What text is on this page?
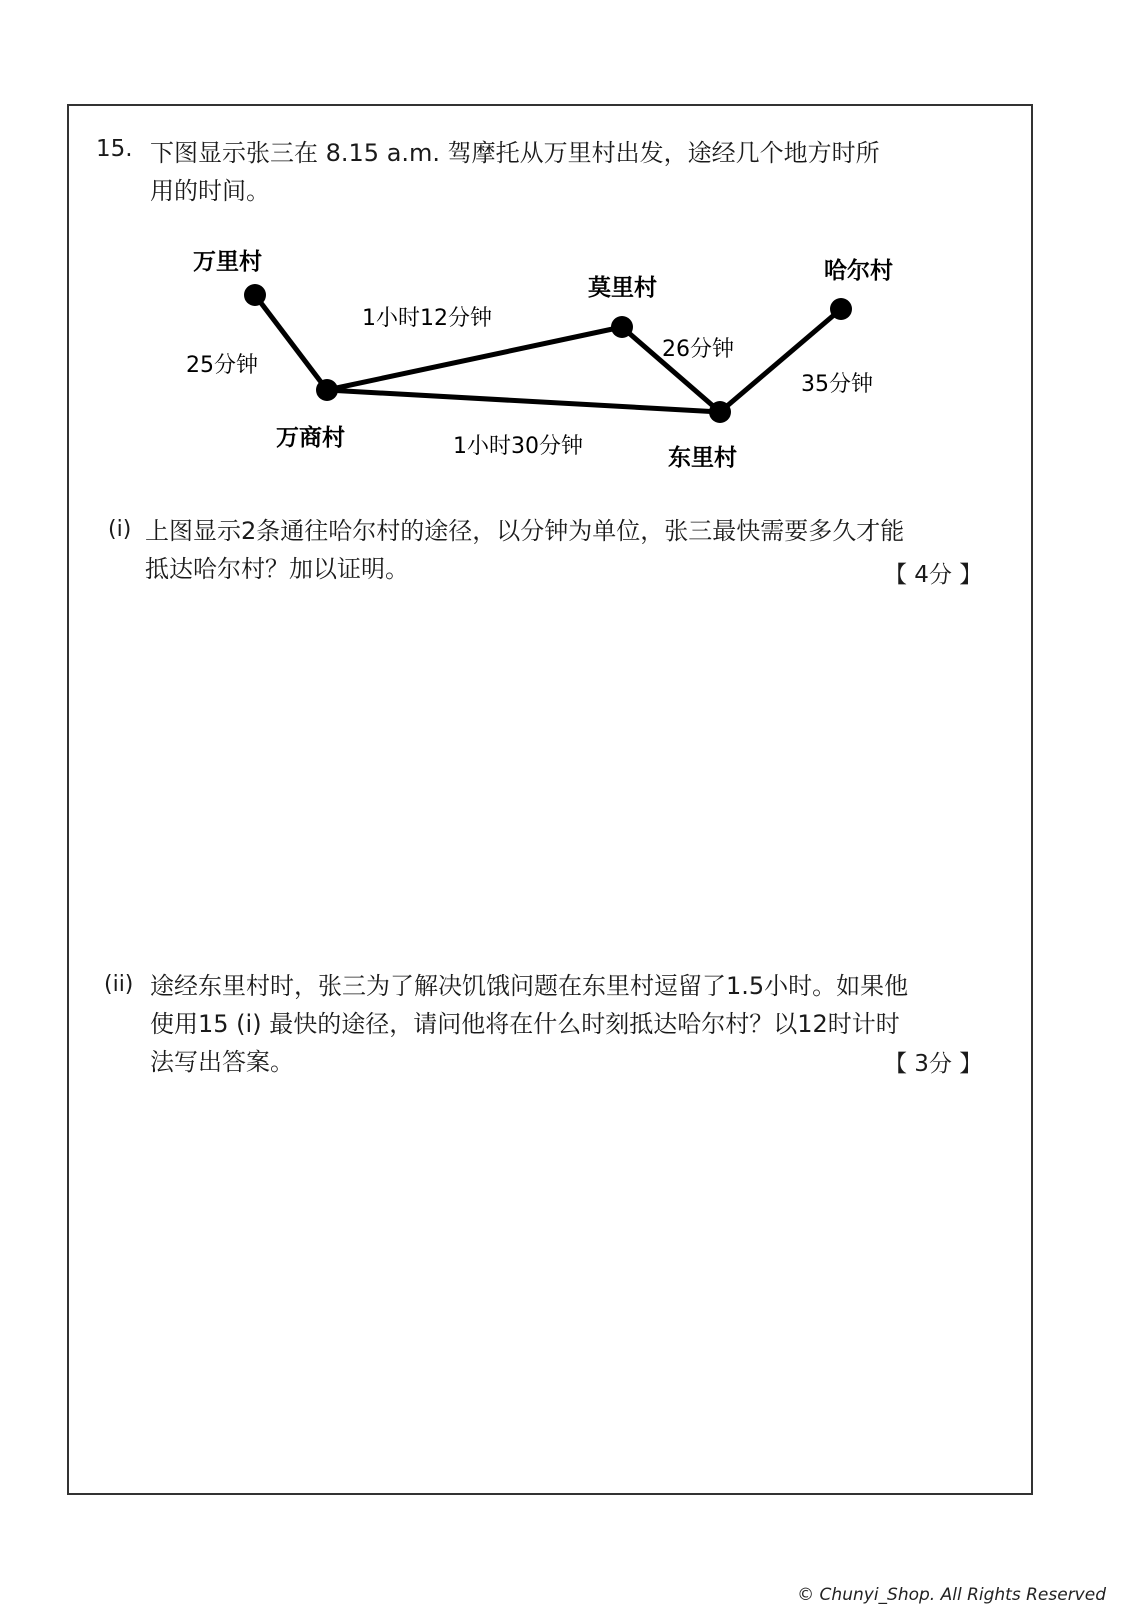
15. 下图显示张三在 8.15 a.m. 驾摩托从万里村出发，途经几个地方时所
用的时间。
万里村
万商村
莫里村
东里村
哈尔村
25分钟
1小时12分钟
1小时30分钟
26分钟
35分钟
(i) 上图显示2条通往哈尔村的途径，以分钟为单位，张三最快需要多久才能
抵达哈尔村？加以证明。	【 4分 】
(ii) 途经东里村时，张三为了解决饥饿问题在东里村逗留了1.5小时。如果他
使用15 (i) 最快的途径，请问他将在什么时刻抵达哈尔村？以12时计时
法写出答案。	【 3分 】
© Chunyi_Shop. All Rights Reserved
